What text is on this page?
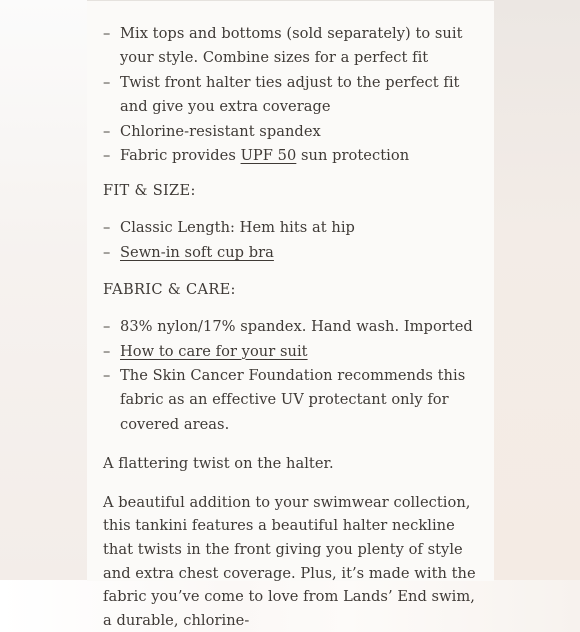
– Mix tops and bottoms (sold separately) to suit your style. Combine sizes for a perfect fit
– Twist front halter ties adjust to the perfect fit and give you extra coverage
– Chlorine-resistant spandex
– Fabric provides UPF 50 sun protection

FIT & SIZE:

– Classic Length: Hem hits at hip
– Sewn-in soft cup bra

FABRIC & CARE:

– 83% nylon/17% spandex. Hand wash. Imported
– How to care for your suit
– The Skin Cancer Foundation recommends this fabric as an effective UV protectant only for covered areas.

A flattering twist on the halter.

A beautiful addition to your swimwear collection, this tankini features a beautiful halter neckline that twists in the front giving you plenty of style and extra chest coverage. Plus, it’s made with the fabric you’ve come to love from Lands’ End swim, a durable, chlorine-
